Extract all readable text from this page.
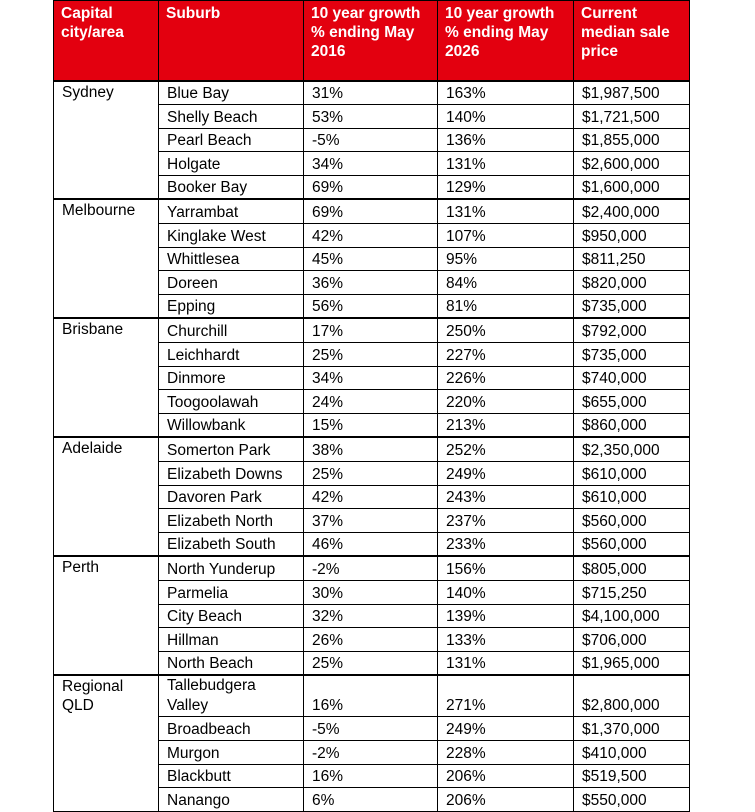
Capital city/area	Suburb	10 year growth % ending May 2016	10 year growth % ending May 2026	Current median sale price
Sydney	Blue Bay	31%	163%	$1,987,500
	Shelly Beach	53%	140%	$1,721,500
	Pearl Beach	-5%	136%	$1,855,000
	Holgate	34%	131%	$2,600,000
	Booker Bay	69%	129%	$1,600,000
Melbourne	Yarrambat	69%	131%	$2,400,000
	Kinglake West	42%	107%	$950,000
	Whittlesea	45%	95%	$811,250
	Doreen	36%	84%	$820,000
	Epping	56%	81%	$735,000
Brisbane	Churchill	17%	250%	$792,000
	Leichhardt	25%	227%	$735,000
	Dinmore	34%	226%	$740,000
	Toogoolawah	24%	220%	$655,000
	Willowbank	15%	213%	$860,000
Adelaide	Somerton Park	38%	252%	$2,350,000
	Elizabeth Downs	25%	249%	$610,000
	Davoren Park	42%	243%	$610,000
	Elizabeth North	37%	237%	$560,000
	Elizabeth South	46%	233%	$560,000
Perth	North Yunderup	-2%	156%	$805,000
	Parmelia	30%	140%	$715,250
	City Beach	32%	139%	$4,100,000
	Hillman	26%	133%	$706,000
	North Beach	25%	131%	$1,965,000
Regional QLD	Tallebudgera Valley	16%	271%	$2,800,000
	Broadbeach	-5%	249%	$1,370,000
	Murgon	-2%	228%	$410,000
	Blackbutt	16%	206%	$519,500
	Nanango	6%	206%	$550,000
